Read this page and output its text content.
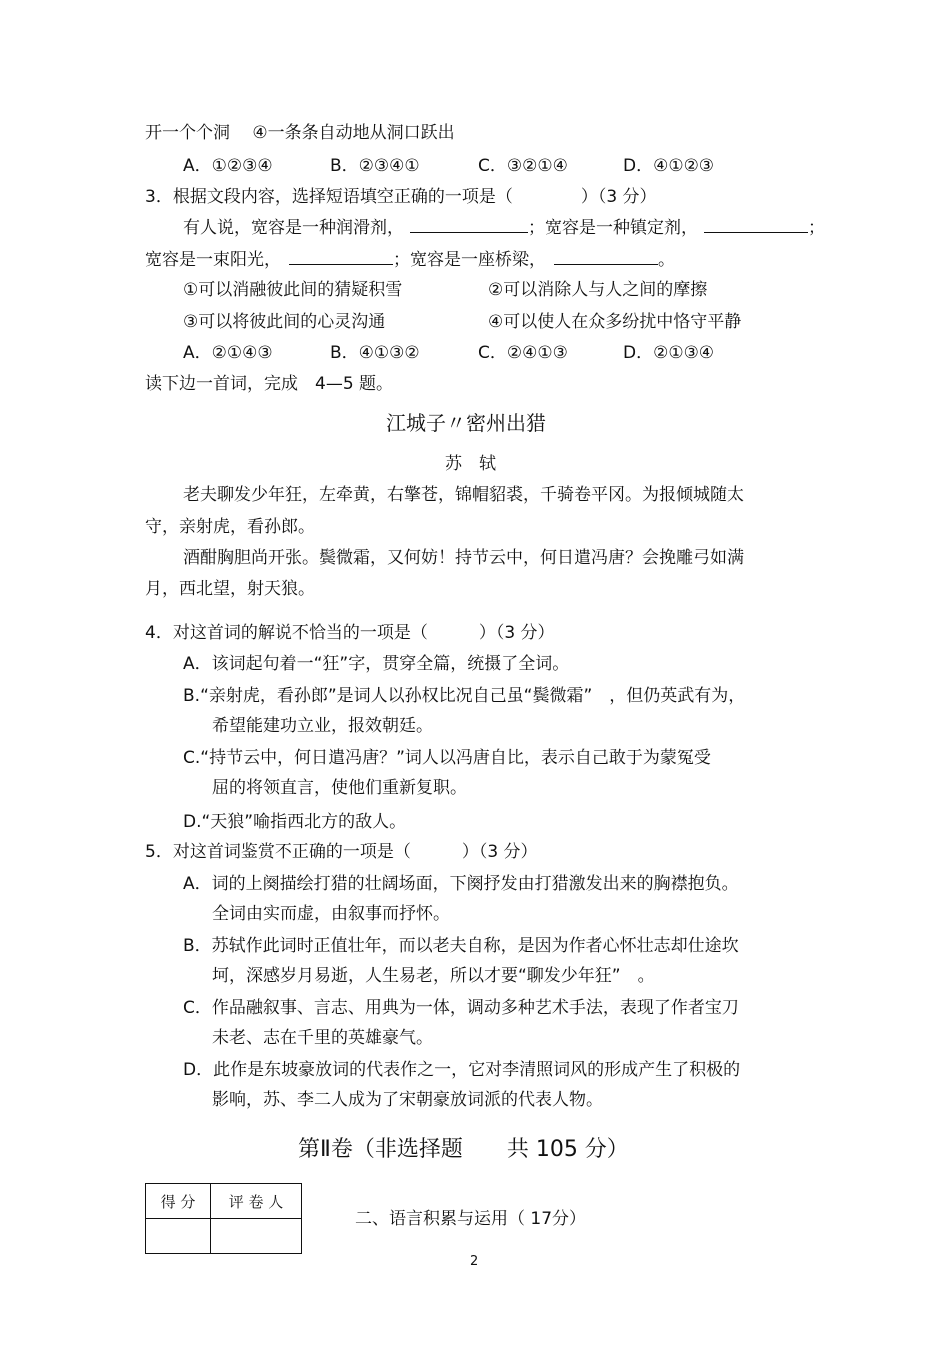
开一个个洞　 ④一条条自动地从洞口跃出
A．①②③④	B．②③④①	C．③②①④	D．④①②③
3．根据文段内容，选择短语填空正确的一项是（　　　　）（3 分）
有人说，宽容是一种润滑剂，	；宽容是一种镇定剂，	；
宽容是一束阳光，	；宽容是一座桥梁，	。
①可以消融彼此间的猜疑积雪	②可以消除人与人之间的摩擦
③可以将彼此间的心灵沟通	④可以使人在众多纷扰中恪守平静
A．②①④③	B．④①③②	C．②④①③	D．②①③④
读下边一首词，完成　4—5 题。
江城子〃密州出猎
苏　轼
老夫聊发少年狂，左牵黄，右擎苍，锦帽貂裘，千骑卷平冈。为报倾城随太
守，亲射虎，看孙郎。
酒酣胸胆尚开张。鬓微霜，又何妨！持节云中，何日遣冯唐？会挽雕弓如满
月，西北望，射天狼。
4．对这首词的解说不恰当的一项是（　　　）（3 分）
A．该词起句着一“狂”字，贯穿全篇，统摄了全词。
B.“亲射虎，看孙郎”是词人以孙权比况自己虽“鬓微霜”　，但仍英武有为，
希望能建功立业，报效朝廷。
C.“持节云中，何日遣冯唐？”词人以冯唐自比，表示自己敢于为蒙冤受
屈的将领直言，使他们重新复职。
D.“天狼”喻指西北方的敌人。
5．对这首词鉴赏不正确的一项是（　　　）（3 分）
A．词的上阕描绘打猎的壮阔场面，下阕抒发由打猎激发出来的胸襟抱负。
全词由实而虚，由叙事而抒怀。
B．苏轼作此词时正值壮年，而以老夫自称，是因为作者心怀壮志却仕途坎
坷，深感岁月易逝，人生易老，所以才要“聊发少年狂”　。
C．作品融叙事、言志、用典为一体，调动多种艺术手法，表现了作者宝刀
未老、志在千里的英雄豪气。
D．此作是东坡豪放词的代表作之一，它对李清照词风的形成产生了积极的
影响，苏、李二人成为了宋朝豪放词派的代表人物。
第Ⅱ卷（非选择题　　共 105 分）
得 分	评 卷 人

二、语言积累与运用（ 17分）
2
